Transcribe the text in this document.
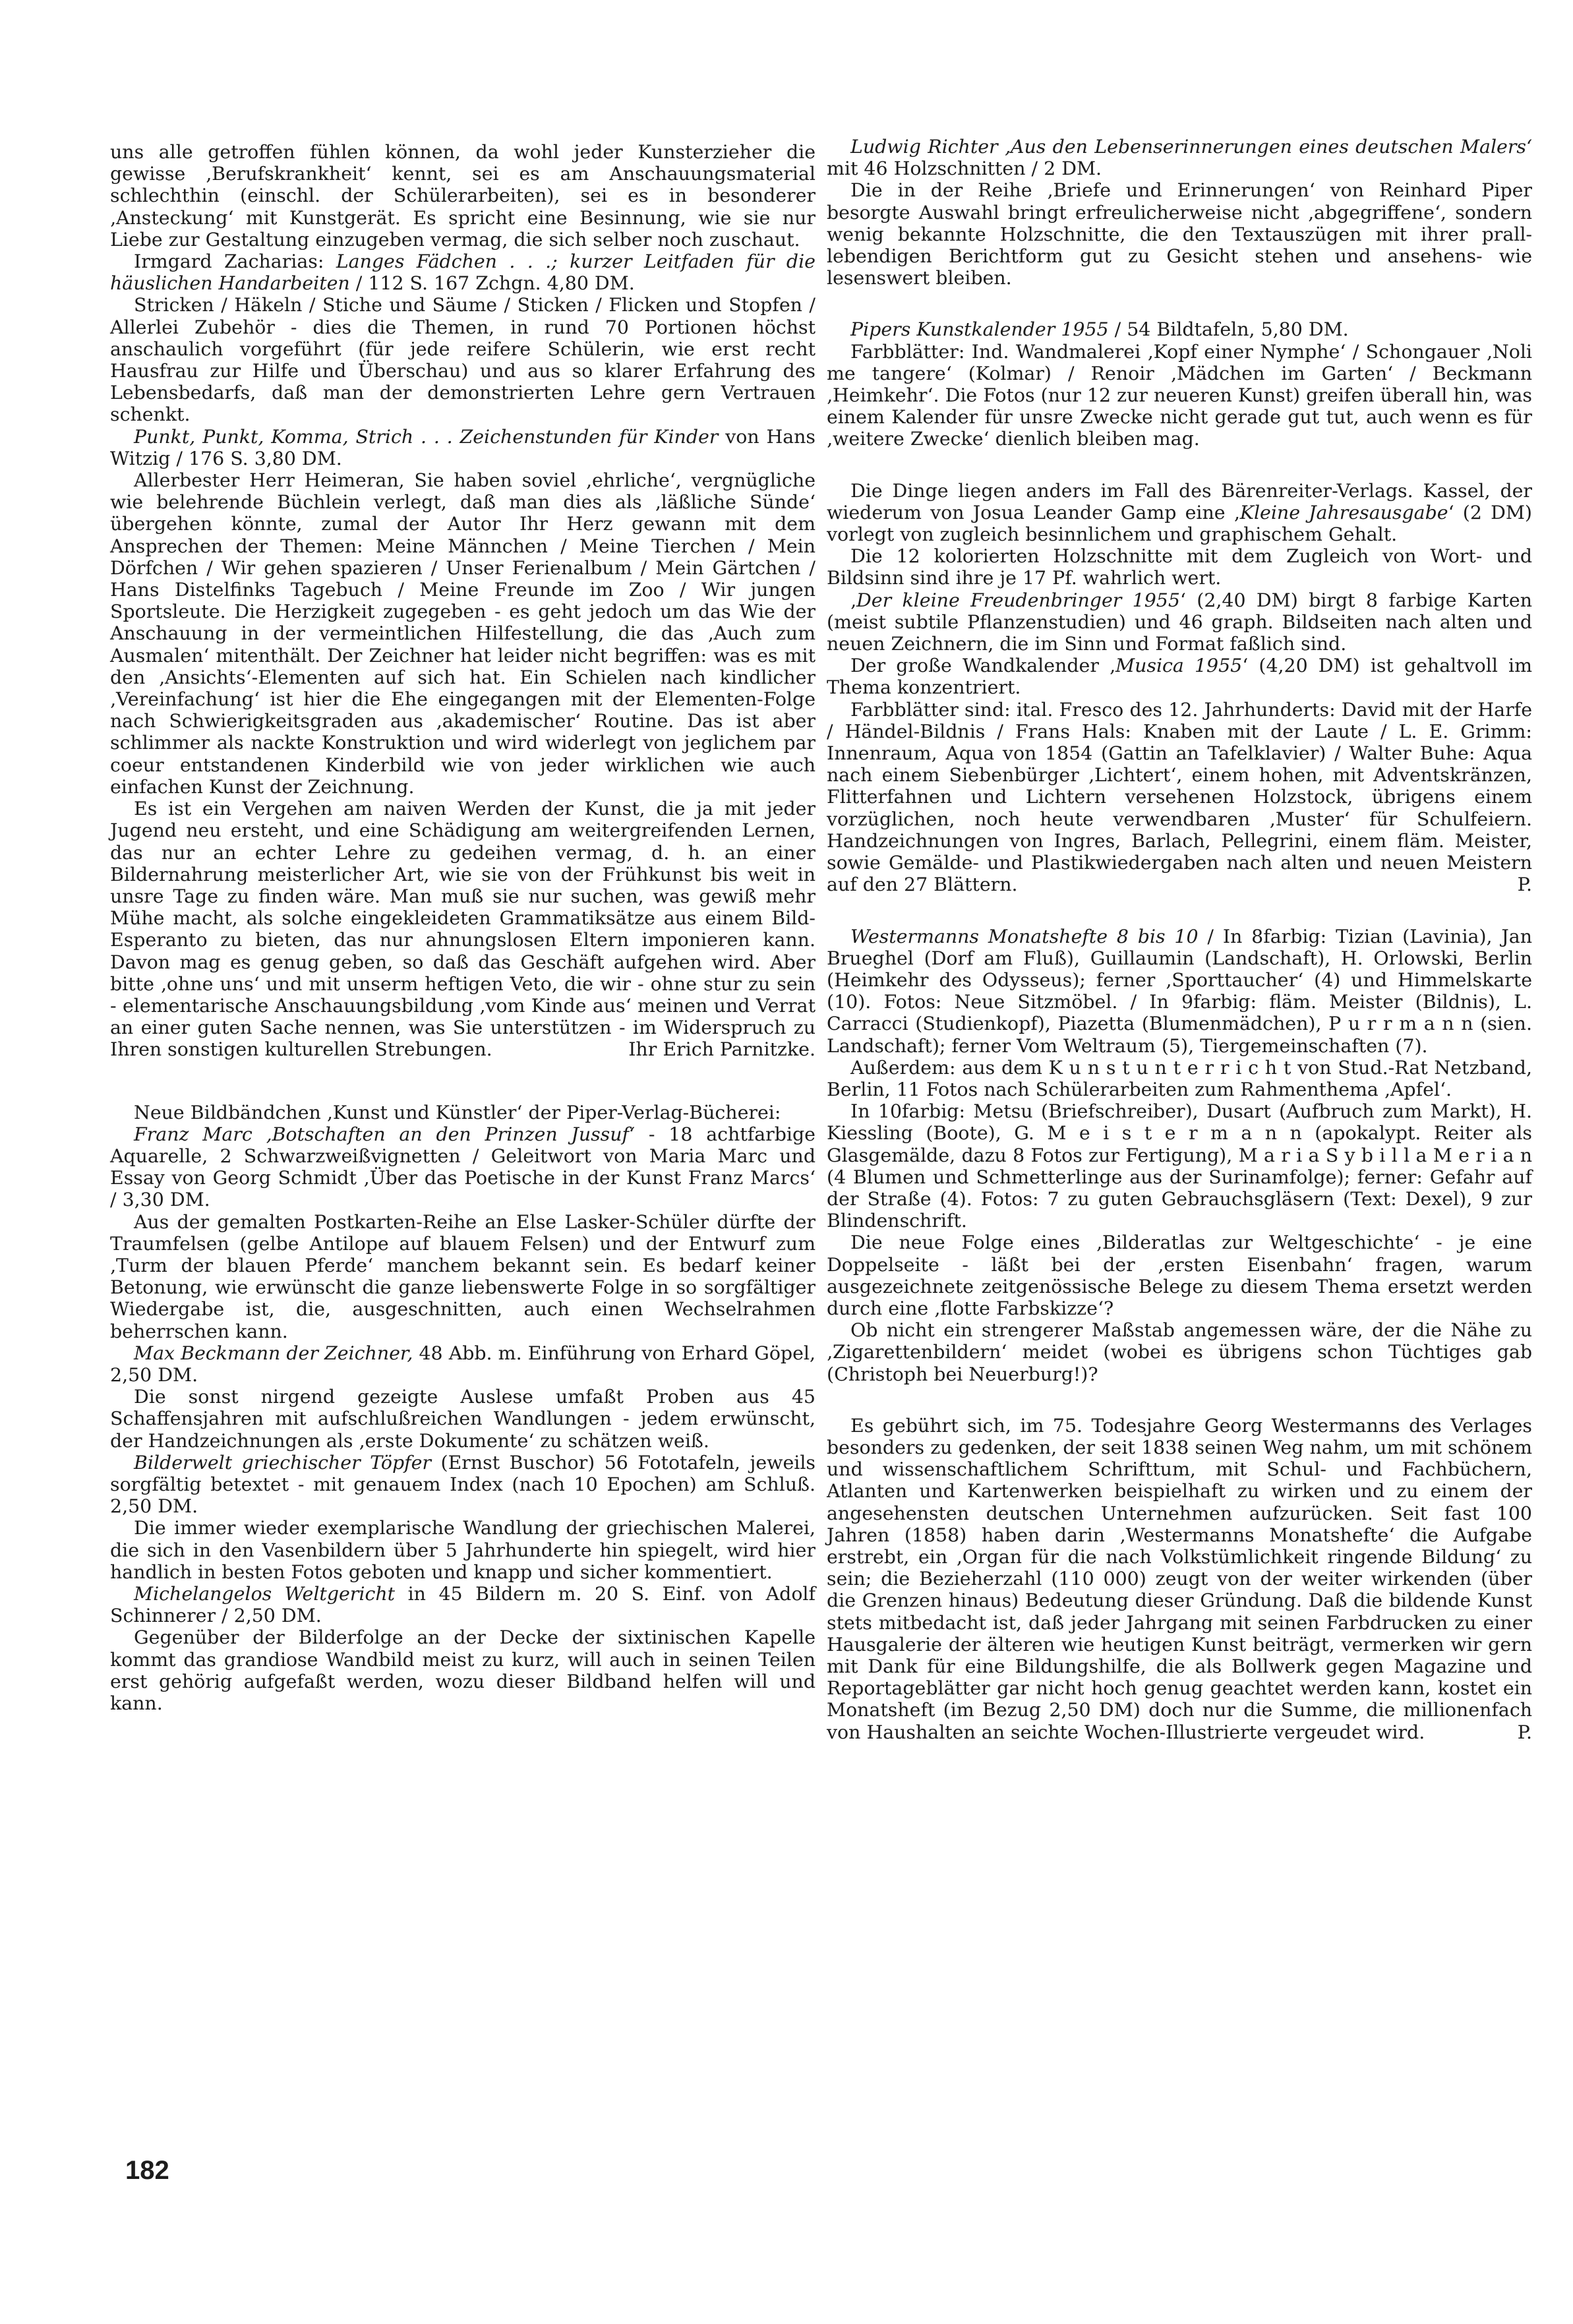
uns alle getroffen fühlen können, da wohl jeder Kunsterzieher die gewisse ‚Berufskrankheit‘ kennt, sei es am Anschauungsmaterial schlechthin (einschl. der Schülerarbeiten), sei es in besonderer ‚Ansteckung‘ mit Kunstgerät. Es spricht eine Besinnung, wie sie nur Liebe zur Gestaltung einzugeben vermag, die sich selber noch zuschaut.

Irmgard Zacharias: Langes Fädchen . . .; kurzer Leitfaden für die häuslichen Handarbeiten / 112 S. 167 Zchgn. 4,80 DM.

Stricken / Häkeln / Stiche und Säume / Sticken / Flicken und Stopfen / Allerlei Zubehör - dies die Themen, in rund 70 Portionen höchst anschaulich vorgeführt (für jede reifere Schülerin, wie erst recht Hausfrau zur Hilfe und Überschau) und aus so klarer Erfahrung des Lebensbedarfs, daß man der demonstrierten Lehre gern Vertrauen schenkt.

Punkt, Punkt, Komma, Strich . . . Zeichenstunden für Kinder von Hans Witzig / 176 S. 3,80 DM.

Allerbester Herr Heimeran, Sie haben soviel ‚ehrliche‘, vergnügliche wie belehrende Büchlein verlegt, daß man dies als ‚läßliche Sünde‘ übergehen könnte, zumal der Autor Ihr Herz gewann mit dem Ansprechen der Themen: Meine Männchen / Meine Tierchen / Mein Dörfchen / Wir gehen spazieren / Unser Ferienalbum / Mein Gärtchen / Hans Distelfinks Tagebuch / Meine Freunde im Zoo / Wir jungen Sportsleute. Die Herzigkeit zugegeben - es geht jedoch um das Wie der Anschauung in der vermeintlichen Hilfestellung, die das ‚Auch zum Ausmalen‘ mitenthält. Der Zeichner hat leider nicht begriffen: was es mit den ‚Ansichts‘-Elementen auf sich hat. Ein Schielen nach kindlicher ‚Vereinfachung‘ ist hier die Ehe eingegangen mit der Elementen-Folge nach Schwierigkeitsgraden aus ‚akademischer‘ Routine. Das ist aber schlimmer als nackte Konstruktion und wird widerlegt von jeglichem par coeur entstandenen Kinderbild wie von jeder wirklichen wie auch einfachen Kunst der Zeichnung.

Es ist ein Vergehen am naiven Werden der Kunst, die ja mit jeder Jugend neu ersteht, und eine Schädigung am weitergreifenden Lernen, das nur an echter Lehre zu gedeihen vermag, d. h. an einer Bildernahrung meisterlicher Art, wie sie von der Frühkunst bis weit in unsre Tage zu finden wäre. Man muß sie nur suchen, was gewiß mehr Mühe macht, als solche eingekleideten Grammatiksätze aus einem Bild-Esperanto zu bieten, das nur ahnungslosen Eltern imponieren kann. Davon mag es genug geben, so daß das Geschäft aufgehen wird. Aber bitte ‚ohne uns‘ und mit unserm heftigen Veto, die wir - ohne stur zu sein - elementarische Anschauungsbildung ‚vom Kinde aus‘ meinen und Verrat an einer guten Sache nennen, was Sie unterstützen - im Widerspruch zu Ihren sonstigen kulturellen Strebungen.	Ihr Erich Parnitzke.

Neue Bildbändchen ‚Kunst und Künstler‘ der Piper-Verlag-Bücherei:

Franz Marc ‚Botschaften an den Prinzen Jussuf‘ - 18 achtfarbige Aquarelle, 2 Schwarzweißvignetten / Geleitwort von Maria Marc und Essay von Georg Schmidt ‚Über das Poetische in der Kunst Franz Marcs‘ / 3,30 DM.

Aus der gemalten Postkarten-Reihe an Else Lasker-Schüler dürfte der Traumfelsen (gelbe Antilope auf blauem Felsen) und der Entwurf zum ‚Turm der blauen Pferde‘ manchem bekannt sein. Es bedarf keiner Betonung, wie erwünscht die ganze liebenswerte Folge in so sorgfältiger Wiedergabe ist, die, ausgeschnitten, auch einen Wechselrahmen beherrschen kann.

Max Beckmann der Zeichner, 48 Abb. m. Einführung von Erhard Göpel, 2,50 DM.

Die sonst nirgend gezeigte Auslese umfaßt Proben aus 45 Schaffensjahren mit aufschlußreichen Wandlungen - jedem erwünscht, der Handzeichnungen als ‚erste Dokumente‘ zu schätzen weiß.

Bilderwelt griechischer Töpfer (Ernst Buschor) 56 Fototafeln, jeweils sorgfältig betextet - mit genauem Index (nach 10 Epochen) am Schluß. 2,50 DM.

Die immer wieder exemplarische Wandlung der griechischen Malerei, die sich in den Vasenbildern über 5 Jahrhunderte hin spiegelt, wird hier handlich in besten Fotos geboten und knapp und sicher kommentiert.

Michelangelos Weltgericht in 45 Bildern m. 20 S. Einf. von Adolf Schinnerer / 2,50 DM.

Gegenüber der Bilderfolge an der Decke der sixtinischen Kapelle kommt das grandiose Wandbild meist zu kurz, will auch in seinen Teilen erst gehörig aufgefaßt werden, wozu dieser Bildband helfen will und kann.

Ludwig Richter ‚Aus den Lebenserinnerungen eines deutschen Malers‘ mit 46 Holzschnitten / 2 DM.

Die in der Reihe ‚Briefe und Erinnerungen‘ von Reinhard Piper besorgte Auswahl bringt erfreulicherweise nicht ‚abgegriffene‘, sondern wenig bekannte Holzschnitte, die den Textauszügen mit ihrer prall-lebendigen Berichtform gut zu Gesicht stehen und ansehens- wie lesenswert bleiben.

Pipers Kunstkalender 1955 / 54 Bildtafeln, 5,80 DM.

Farbblätter: Ind. Wandmalerei ‚Kopf einer Nymphe‘ / Schongauer ‚Noli me tangere‘ (Kolmar) / Renoir ‚Mädchen im Garten‘ / Beckmann ‚Heimkehr‘. Die Fotos (nur 12 zur neueren Kunst) greifen überall hin, was einem Kalender für unsre Zwecke nicht gerade gut tut, auch wenn es für ‚weitere Zwecke‘ dienlich bleiben mag.

Die Dinge liegen anders im Fall des Bärenreiter-Verlags. Kassel, der wiederum von Josua Leander Gamp eine ‚Kleine Jahresausgabe‘ (2 DM) vorlegt von zugleich besinnlichem und graphischem Gehalt.

Die 12 kolorierten Holzschnitte mit dem Zugleich von Wort- und Bildsinn sind ihre je 17 Pf. wahrlich wert.

‚Der kleine Freudenbringer 1955‘ (2,40 DM) birgt 8 farbige Karten (meist subtile Pflanzenstudien) und 46 graph. Bildseiten nach alten und neuen Zeichnern, die im Sinn und Format faßlich sind.

Der große Wandkalender ‚Musica 1955‘ (4,20 DM) ist gehaltvoll im Thema konzentriert.

Farbblätter sind: ital. Fresco des 12. Jahrhunderts: David mit der Harfe / Händel-Bildnis / Frans Hals: Knaben mit der Laute / L. E. Grimm: Innenraum, Aqua von 1854 (Gattin an Tafelklavier) / Walter Buhe: Aqua nach einem Siebenbürger ‚Lichtert‘, einem hohen, mit Adventskränzen, Flitterfahnen und Lichtern versehenen Holzstock, übrigens einem vorzüglichen, noch heute verwendbaren ‚Muster‘ für Schulfeiern. Handzeichnungen von Ingres, Barlach, Pellegrini, einem fläm. Meister, sowie Gemälde- und Plastikwiedergaben nach alten und neuen Meistern auf den 27 Blättern.	P.

Westermanns Monatshefte 8 bis 10 / In 8farbig: Tizian (Lavinia), Jan Brueghel (Dorf am Fluß), Guillaumin (Landschaft), H. Orlowski, Berlin (Heimkehr des Odysseus); ferner ‚Sporttaucher‘ (4) und Himmelskarte (10). Fotos: Neue Sitzmöbel. / In 9farbig: fläm. Meister (Bildnis), L. Carracci (Studienkopf), Piazetta (Blumenmädchen), P u r r m a n n (sien. Landschaft); ferner Vom Weltraum (5), Tiergemeinschaften (7).

Außerdem: aus dem K u n s t u n t e r r i c h t von Stud.-Rat Netzband, Berlin, 11 Fotos nach Schülerarbeiten zum Rahmenthema ‚Apfel‘.

In 10farbig: Metsu (Briefschreiber), Dusart (Aufbruch zum Markt), H. Kiessling (Boote), G. M e i s t e r m a n n (apokalypt. Reiter als Glasgemälde, dazu 8 Fotos zur Fertigung), M a r i a S y b i l l a M e r i a n (4 Blumen und Schmetterlinge aus der Surinamfolge); ferner: Gefahr auf der Straße (4). Fotos: 7 zu guten Gebrauchsgläsern (Text: Dexel), 9 zur Blindenschrift.

Die neue Folge eines ‚Bilderatlas zur Weltgeschichte‘ - je eine Doppelseite - läßt bei der ‚ersten Eisenbahn‘ fragen, warum ausgezeichnete zeitgenössische Belege zu diesem Thema ersetzt werden durch eine ‚flotte Farbskizze‘?

Ob nicht ein strengerer Maßstab angemessen wäre, der die Nähe zu ‚Zigarettenbildern‘ meidet (wobei es übrigens schon Tüchtiges gab (Christoph bei Neuerburg!)?

Es gebührt sich, im 75. Todesjahre Georg Westermanns des Verlages besonders zu gedenken, der seit 1838 seinen Weg nahm, um mit schönem und wissenschaftlichem Schrifttum, mit Schul- und Fachbüchern, Atlanten und Kartenwerken beispielhaft zu wirken und zu einem der angesehensten deutschen Unternehmen aufzurücken. Seit fast 100 Jahren (1858) haben darin ‚Westermanns Monatshefte‘ die Aufgabe erstrebt, ein ‚Organ für die nach Volkstümlichkeit ringende Bildung‘ zu sein; die Bezieherzahl (110 000) zeugt von der weiter wirkenden (über die Grenzen hinaus) Bedeutung dieser Gründung. Daß die bildende Kunst stets mitbedacht ist, daß jeder Jahrgang mit seinen Farbdrucken zu einer Hausgalerie der älteren wie heutigen Kunst beiträgt, vermerken wir gern mit Dank für eine Bildungshilfe, die als Bollwerk gegen Magazine und Reportageblätter gar nicht hoch genug geachtet werden kann, kostet ein Monatsheft (im Bezug 2,50 DM) doch nur die Summe, die millionenfach von Haushalten an seichte Wochen-Illustrierte vergeudet wird.	P.

182
